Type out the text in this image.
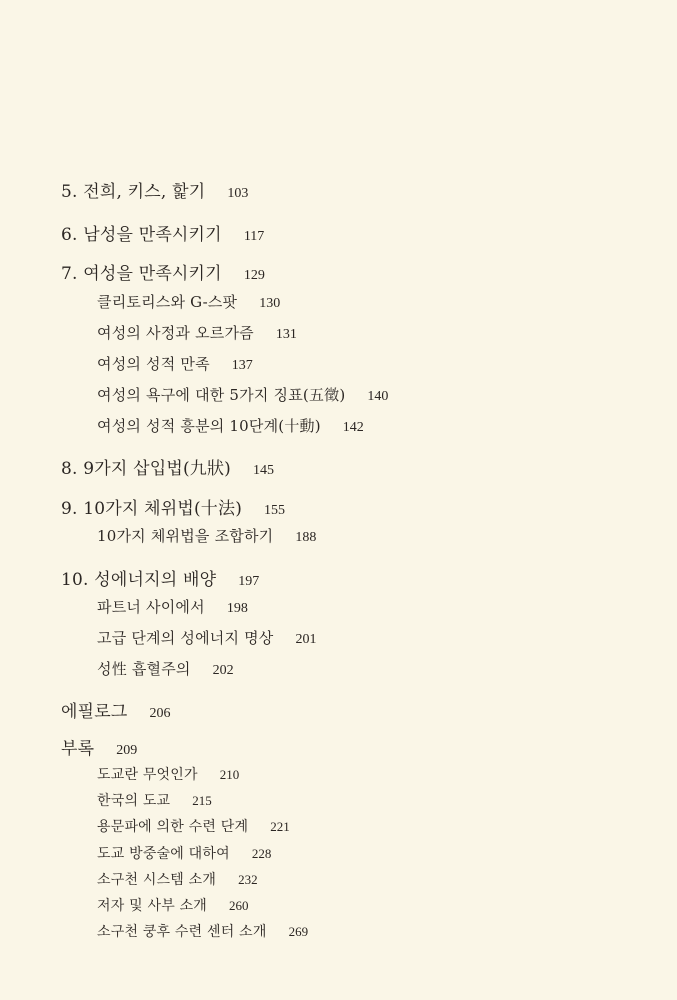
5. 전희, 키스, 핥기 103
6. 남성을 만족시키기 117
7. 여성을 만족시키기 129
클리토리스와 G-스팟 130
여성의 사정과 오르가즘 131
여성의 성적 만족 137
여성의 욕구에 대한 5가지 징표(五徵) 140
여성의 성적 흥분의 10단계(十動) 142
8. 9가지 삽입법(九狀) 145
9. 10가지 체위법(十法) 155
10가지 체위법을 조합하기 188
10. 성에너지의 배양 197
파트너 사이에서 198
고급 단계의 성에너지 명상 201
성性 흡혈주의 202
에필로그 206
부록 209
도교란 무엇인가 210
한국의 도교 215
용문파에 의한 수련 단계 221
도교 방중술에 대하여 228
소구천 시스템 소개 232
저자 및 사부 소개 260
소구천 쿵후 수련 센터 소개 269
